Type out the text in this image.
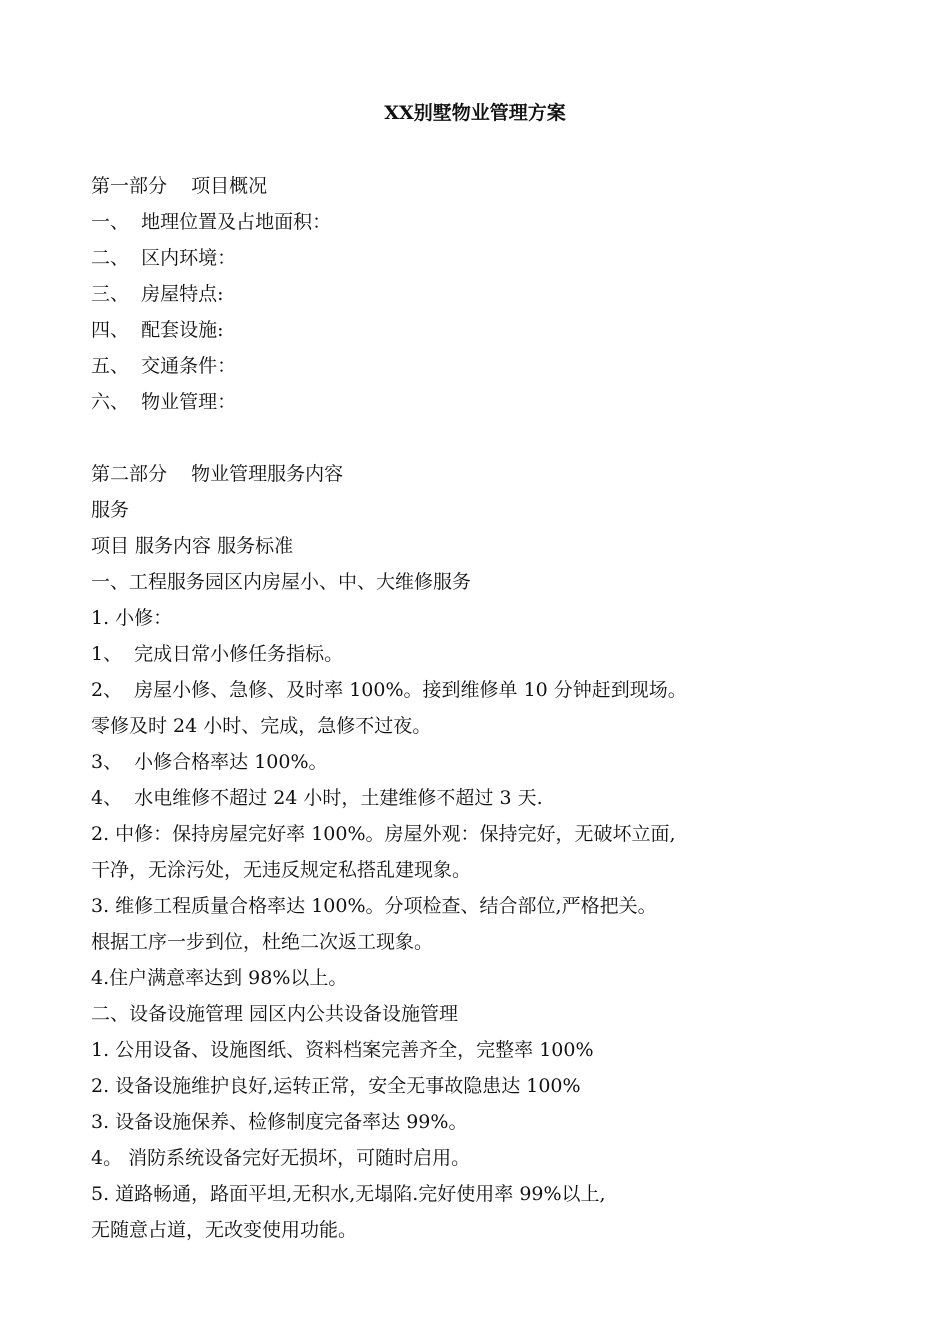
XX别墅物业管理方案
第一部分    项目概况
一、  地理位置及占地面积：
二、  区内环境：
三、  房屋特点:
四、  配套设施:
五、  交通条件：
六、  物业管理：
第二部分    物业管理服务内容
服务
项目 服务内容 服务标准
一、工程服务园区内房屋小、中、大维修服务
1. 小修：
1、  完成日常小修任务指标。
2、  房屋小修、急修、及时率 100%。接到维修单 10 分钟赶到现场。
零修及时 24 小时、完成，急修不过夜。
3、  小修合格率达 100%。
4、  水电维修不超过 24 小时，土建维修不超过 3 天.
2. 中修：保持房屋完好率 100%。房屋外观：保持完好，无破坏立面,
干净，无涂污处，无违反规定私搭乱建现象。
3. 维修工程质量合格率达 100%。分项检查、结合部位,严格把关。
根据工序一步到位，杜绝二次返工现象。
4.住户满意率达到 98%以上。
二、设备设施管理 园区内公共设备设施管理
1. 公用设备、设施图纸、资料档案完善齐全，完整率 100%
2. 设备设施维护良好,运转正常，安全无事故隐患达 100%
3. 设备设施保养、检修制度完备率达 99%。
4。 消防系统设备完好无损坏，可随时启用。
5. 道路畅通，路面平坦,无积水,无塌陷.完好使用率 99%以上,
无随意占道，无改变使用功能。
